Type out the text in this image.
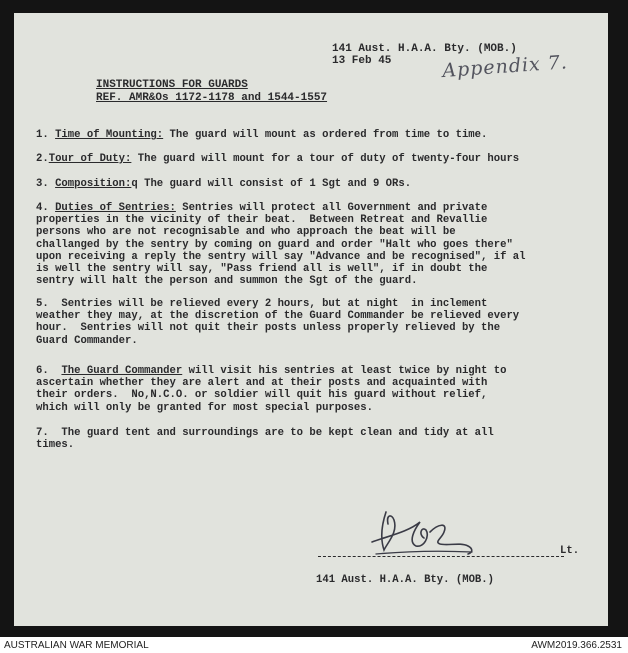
141 Aust. H.A.A. Bty. (MOB.)
13 Feb 45	Appendix 7.
INSTRUCTIONS FOR GUARDS
REF. AMR&Os 1172-1178 and 1544-1557
1. Time of Mounting: The guard will mount as ordered from time to time.
2.Tour of Duty: The guard will mount for a tour of duty of twenty-four hours
3. Composition:q The guard will consist of 1 Sgt and 9 ORs.
4. Duties of Sentries: Sentries will protect all Government and private
properties in the vicinity of their beat.  Between Retreat and Revallie
persons who are not recognisable and who approach the beat will be
challanged by the sentry by coming on guard and order "Halt who goes there"
upon receiving a reply the sentry will say "Advance and be recognised", if al
is well the sentry will say, "Pass friend all is well", if in doubt the
sentry will halt the person and summon the Sgt of the guard.
5.  Sentries will be relieved every 2 hours, but at night  in inclement
weather they may, at the discretion of the Guard Commander be relieved every
hour.  Sentries will not quit their posts unless properly relieved by the
Guard Commander.
6.  The Guard Commander will visit his sentries at least twice by night to
ascertain whether they are alert and at their posts and acquainted with
their orders.  No,N.C.O. or soldier will quit his guard without relief,
which will only be granted for most special purposes.
7.  The guard tent and surroundings are to be kept clean and tidy at all
times.
Lt.
141 Aust. H.A.A. Bty. (MOB.)
AUSTRALIAN WAR MEMORIAL	AWM2019.366.2531
